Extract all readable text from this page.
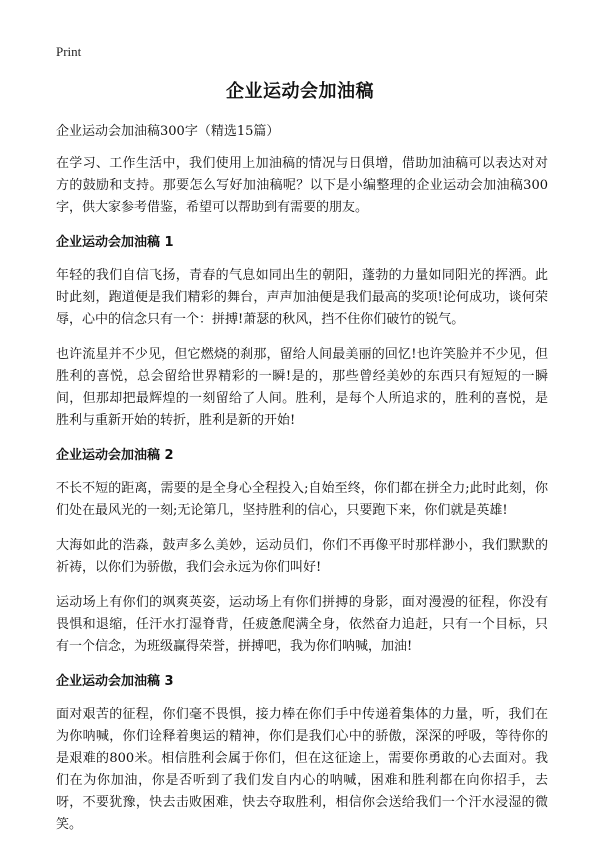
Print
企业运动会加油稿

企业运动会加油稿300字（精选15篇）

在学习、工作生活中，我们使用上加油稿的情况与日俱增，借助加油稿可以表达对对方的鼓励和支持。那要怎么写好加油稿呢？以下是小编整理的企业运动会加油稿300字，供大家参考借鉴，希望可以帮助到有需要的朋友。

企业运动会加油稿 1

年轻的我们自信飞扬，青春的气息如同出生的朝阳，蓬勃的力量如同阳光的挥洒。此时此刻，跑道便是我们精彩的舞台，声声加油便是我们最高的奖项!论何成功，谈何荣辱，心中的信念只有一个：拼搏!萧瑟的秋风，挡不住你们破竹的锐气。

也许流星并不少见，但它燃烧的刹那，留给人间最美丽的回忆!也许笑脸并不少见，但胜利的喜悦，总会留给世界精彩的一瞬!是的，那些曾经美妙的东西只有短短的一瞬间，但那却把最辉煌的一刻留给了人间。胜利，是每个人所追求的，胜利的喜悦，是胜利与重新开始的转折，胜利是新的开始!

企业运动会加油稿 2

不长不短的距离，需要的是全身心全程投入;自始至终，你们都在拼全力;此时此刻，你们处在最风光的一刻;无论第几，坚持胜利的信心，只要跑下来，你们就是英雄!

大海如此的浩淼，鼓声多么美妙，运动员们，你们不再像平时那样渺小，我们默默的祈祷，以你们为骄傲，我们会永远为你们叫好!

运动场上有你们的飒爽英姿，运动场上有你们拼搏的身影，面对漫漫的征程，你没有畏惧和退缩，任汗水打湿脊背，任疲惫爬满全身，依然奋力追赶，只有一个目标，只有一个信念，为班级赢得荣誉，拼搏吧，我为你们呐喊，加油!

企业运动会加油稿 3

面对艰苦的征程，你们毫不畏惧，接力棒在你们手中传递着集体的力量，听，我们在为你呐喊，你们诠释着奥运的精神，你们是我们心中的骄傲，深深的呼吸，等待你的是艰难的800米。相信胜利会属于你们，但在这征途上，需要你勇敢的心去面对。我们在为你加油，你是否听到了我们发自内心的呐喊，困难和胜利都在向你招手，去呀，不要犹豫，快去击败困难，快去夺取胜利，相信你会送给我们一个汗水浸湿的微笑。
